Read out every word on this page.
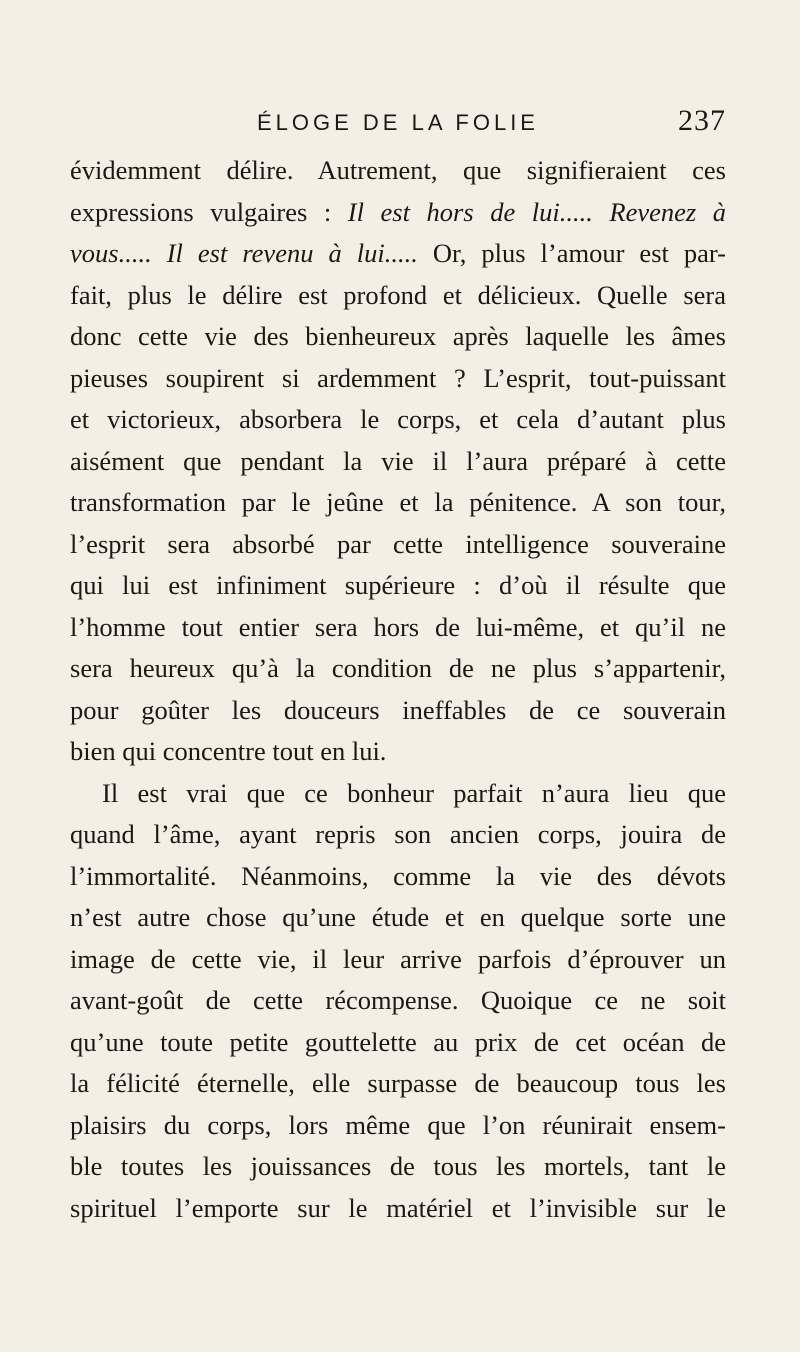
ÉLOGE DE LA FOLIE	237
évidemment délire. Autrement, que signifieraient ces
expressions vulgaires : Il est hors de lui..... Revenez à
vous..... Il est revenu à lui..... Or, plus l’amour est par-
fait, plus le délire est profond et délicieux. Quelle sera
donc cette vie des bienheureux après laquelle les âmes
pieuses soupirent si ardemment ? L’esprit, tout-puissant
et victorieux, absorbera le corps, et cela d’autant plus
aisément que pendant la vie il l’aura préparé à cette
transformation par le jeûne et la pénitence. A son tour,
l’esprit sera absorbé par cette intelligence souveraine
qui lui est infiniment supérieure : d’où il résulte que
l’homme tout entier sera hors de lui-même, et qu’il ne
sera heureux qu’à la condition de ne plus s’appartenir,
pour goûter les douceurs ineffables de ce souverain
bien qui concentre tout en lui.
Il est vrai que ce bonheur parfait n’aura lieu que
quand l’âme, ayant repris son ancien corps, jouira de
l’immortalité. Néanmoins, comme la vie des dévots
n’est autre chose qu’une étude et en quelque sorte une
image de cette vie, il leur arrive parfois d’éprouver un
avant-goût de cette récompense. Quoique ce ne soit
qu’une toute petite gouttelette au prix de cet océan de
la félicité éternelle, elle surpasse de beaucoup tous les
plaisirs du corps, lors même que l’on réunirait ensem-
ble toutes les jouissances de tous les mortels, tant le
spirituel l’emporte sur le matériel et l’invisible sur le
